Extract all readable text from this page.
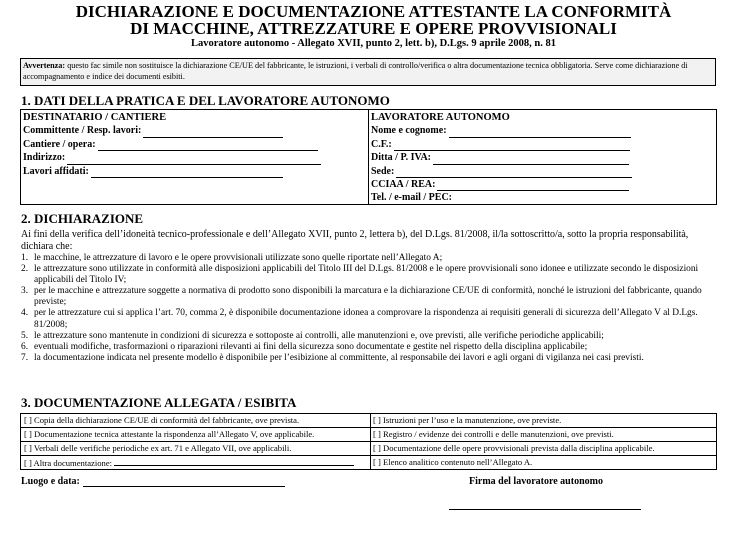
DICHIARAZIONE E DOCUMENTAZIONE ATTESTANTE LA CONFORMITÀ
DI MACCHINE, ATTREZZATURE E OPERE PROVVISIONALI
Lavoratore autonomo - Allegato XVII, punto 2, lett. b), D.Lgs. 9 aprile 2008, n. 81
Avvertenza: questo fac simile non sostituisce la dichiarazione CE/UE del fabbricante, le istruzioni, i verbali di controllo/verifica o altra documentazione tecnica obbligatoria. Serve come dichiarazione di accompagnamento e indice dei documenti esibiti.
1. DATI DELLA PRATICA E DEL LAVORATORE AUTONOMO
DESTINATARIO / CANTIERE
Committente / Resp. lavori:
Cantiere / opera:
Indirizzo:
Lavori affidati:
LAVORATORE AUTONOMO
Nome e cognome:
C.F.:
Ditta / P. IVA:
Sede:
CCIAA / REA:
Tel. / e-mail / PEC:
2. DICHIARAZIONE
Ai fini della verifica dell’idoneità tecnico-professionale e dell’Allegato XVII, punto 2, lettera b), del D.Lgs. 81/2008, il/la sottoscritto/a, sotto la propria responsabilità, dichiara che:
1. le macchine, le attrezzature di lavoro e le opere provvisionali utilizzate sono quelle riportate nell’Allegato A;
2. le attrezzature sono utilizzate in conformità alle disposizioni applicabili del Titolo III del D.Lgs. 81/2008 e le opere provvisionali sono idonee e utilizzate secondo le disposizioni applicabili del Titolo IV;
3. per le macchine e attrezzature soggette a normativa di prodotto sono disponibili la marcatura e la dichiarazione CE/UE di conformità, nonché le istruzioni del fabbricante, quando previste;
4. per le attrezzature cui si applica l’art. 70, comma 2, è disponibile documentazione idonea a comprovare la rispondenza ai requisiti generali di sicurezza dell’Allegato V al D.Lgs. 81/2008;
5. le attrezzature sono mantenute in condizioni di sicurezza e sottoposte ai controlli, alle manutenzioni e, ove previsti, alle verifiche periodiche applicabili;
6. eventuali modifiche, trasformazioni o riparazioni rilevanti ai fini della sicurezza sono documentate e gestite nel rispetto della disciplina applicabile;
7. la documentazione indicata nel presente modello è disponibile per l’esibizione al committente, al responsabile dei lavori e agli organi di vigilanza nei casi previsti.
3. DOCUMENTAZIONE ALLEGATA / ESIBITA
[ ] Copia della dichiarazione CE/UE di conformità del fabbricante, ove prevista.
[ ] Documentazione tecnica attestante la rispondenza all’Allegato V, ove applicabile.
[ ] Verbali delle verifiche periodiche ex art. 71 e Allegato VII, ove applicabili.
[ ] Altra documentazione:
[ ] Istruzioni per l’uso e la manutenzione, ove previste.
[ ] Registro / evidenze dei controlli e delle manutenzioni, ove previsti.
[ ] Documentazione delle opere provvisionali prevista dalla disciplina applicabile.
[ ] Elenco analitico contenuto nell’Allegato A.
Luogo e data:	Firma del lavoratore autonomo
